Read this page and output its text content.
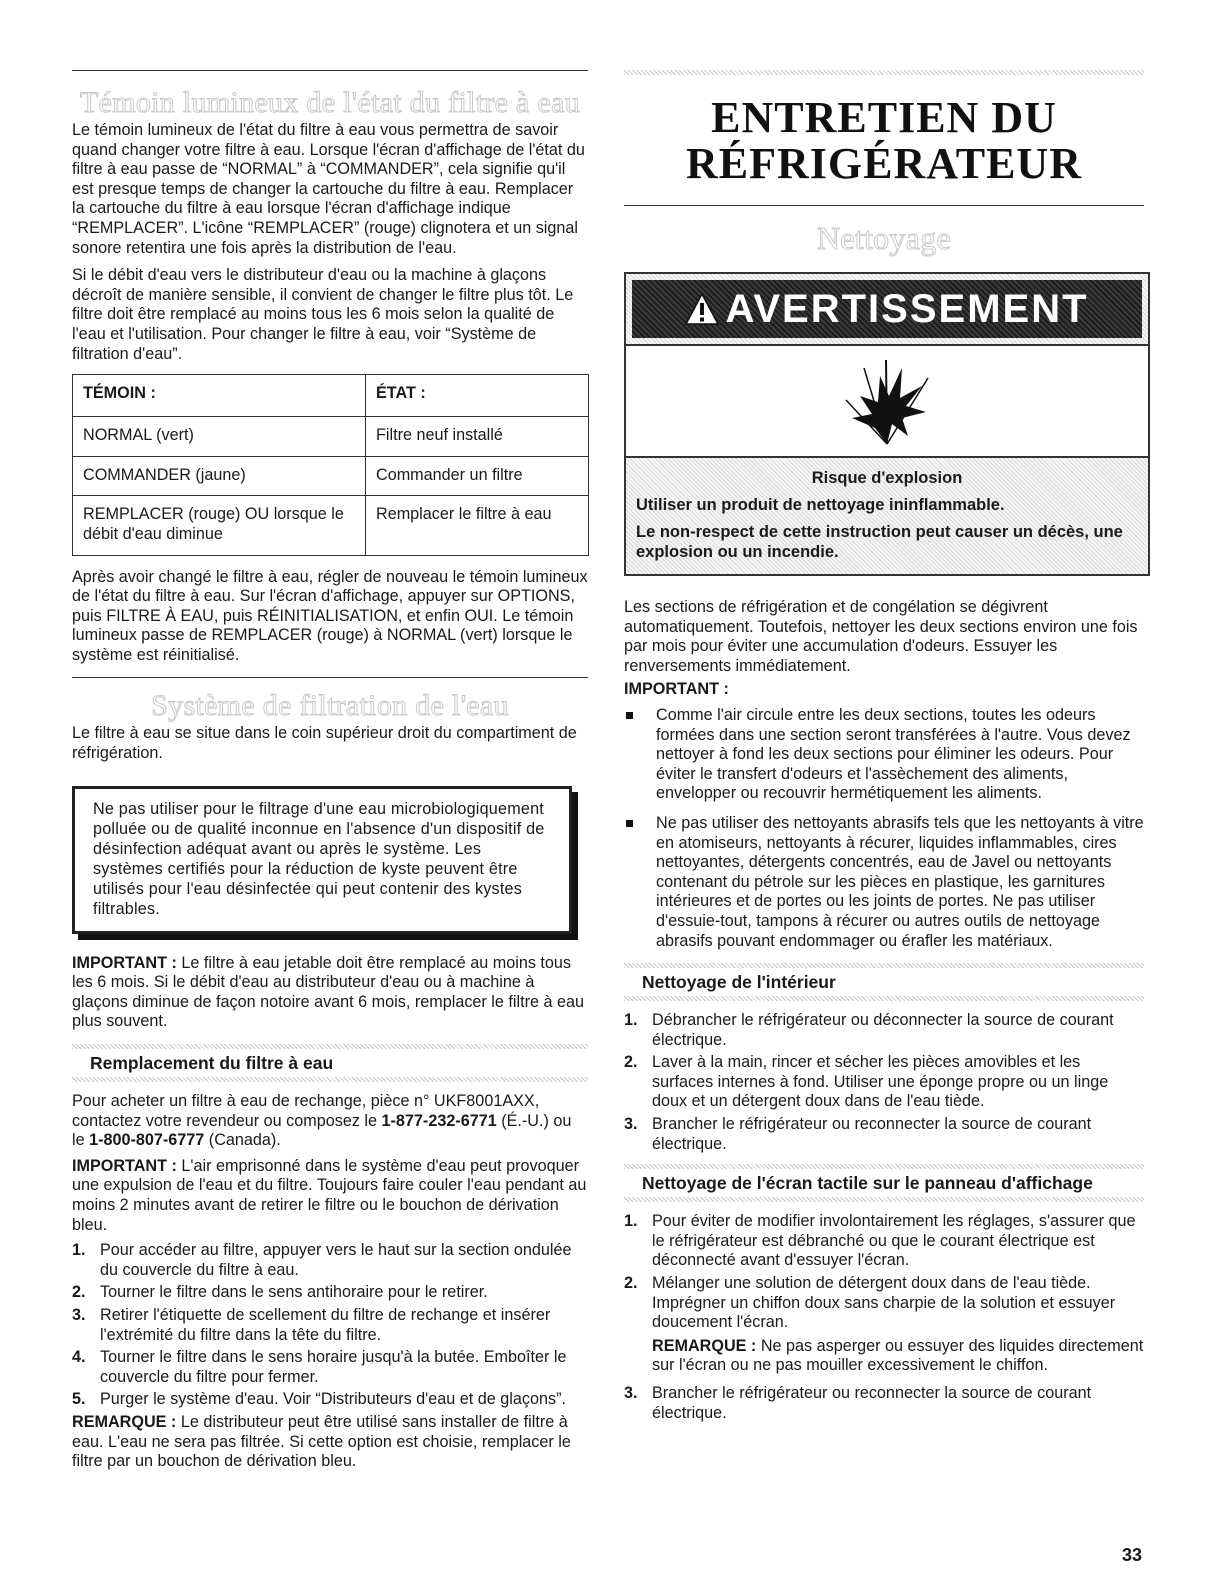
Témoin lumineux de l'état du filtre à eau

Le témoin lumineux de l'état du filtre à eau vous permettra de savoir quand changer votre filtre à eau. Lorsque l'écran d'affichage de l'état du filtre à eau passe de “NORMAL” à “COMMANDER”, cela signifie qu'il est presque temps de changer la cartouche du filtre à eau. Remplacer la cartouche du filtre à eau lorsque l'écran d'affichage indique “REMPLACER”. L'icône “REMPLACER” (rouge) clignotera et un signal sonore retentira une fois après la distribution de l'eau.

Si le débit d'eau vers le distributeur d'eau ou la machine à glaçons décroît de manière sensible, il convient de changer le filtre plus tôt. Le filtre doit être remplacé au moins tous les 6 mois selon la qualité de l'eau et l'utilisation. Pour changer le filtre à eau, voir “Système de filtration d'eau”.

TÉMOIN :	ÉTAT :
NORMAL (vert)	Filtre neuf installé
COMMANDER (jaune)	Commander un filtre
REMPLACER (rouge) OU lorsque le débit d'eau diminue	Remplacer le filtre à eau

Après avoir changé le filtre à eau, régler de nouveau le témoin lumineux de l'état du filtre à eau. Sur l'écran d'affichage, appuyer sur OPTIONS, puis FILTRE À EAU, puis RÉINITIALISATION, et enfin OUI. Le témoin lumineux passe de REMPLACER (rouge) à NORMAL (vert) lorsque le système est réinitialisé.

Système de filtration de l'eau

Le filtre à eau se situe dans le coin supérieur droit du compartiment de réfrigération.

Ne pas utiliser pour le filtrage d'une eau microbiologiquement polluée ou de qualité inconnue en l'absence d'un dispositif de désinfection adéquat avant ou après le système. Les systèmes certifiés pour la réduction de kyste peuvent être utilisés pour l'eau désinfectée qui peut contenir des kystes filtrables.

IMPORTANT : Le filtre à eau jetable doit être remplacé au moins tous les 6 mois. Si le débit d'eau au distributeur d'eau ou à machine à glaçons diminue de façon notoire avant 6 mois, remplacer le filtre à eau plus souvent.

Remplacement du filtre à eau

Pour acheter un filtre à eau de rechange, pièce n° UKF8001AXX, contactez votre revendeur ou composez le 1-877-232-6771 (É.-U.) ou le 1-800-807-6777 (Canada).

IMPORTANT : L'air emprisonné dans le système d'eau peut provoquer une expulsion de l'eau et du filtre. Toujours faire couler l'eau pendant au moins 2 minutes avant de retirer le filtre ou le bouchon de dérivation bleu.

1. Pour accéder au filtre, appuyer vers le haut sur la section ondulée du couvercle du filtre à eau.
2. Tourner le filtre dans le sens antihoraire pour le retirer.
3. Retirer l'étiquette de scellement du filtre de rechange et insérer l'extrémité du filtre dans la tête du filtre.
4. Tourner le filtre dans le sens horaire jusqu'à la butée. Emboîter le couvercle du filtre pour fermer.
5. Purger le système d'eau. Voir “Distributeurs d'eau et de glaçons”.

REMARQUE : Le distributeur peut être utilisé sans installer de filtre à eau. L'eau ne sera pas filtrée. Si cette option est choisie, remplacer le filtre par un bouchon de dérivation bleu.

ENTRETIEN DU
RÉFRIGÉRATEUR
Nettoyage
AVERTISSEMENT

Risque d'explosion

Utiliser un produit de nettoyage ininflammable.

Le non-respect de cette instruction peut causer un décès, une explosion ou un incendie.

Les sections de réfrigération et de congélation se dégivrent automatiquement. Toutefois, nettoyer les deux sections environ une fois par mois pour éviter une accumulation d'odeurs. Essuyer les renversements immédiatement.

IMPORTANT :

Comme l'air circule entre les deux sections, toutes les odeurs formées dans une section seront transférées à l'autre. Vous devez nettoyer à fond les deux sections pour éliminer les odeurs. Pour éviter le transfert d'odeurs et l'assèchement des aliments, envelopper ou recouvrir hermétiquement les aliments.
Ne pas utiliser des nettoyants abrasifs tels que les nettoyants à vitre en atomiseurs, nettoyants à récurer, liquides inflammables, cires nettoyantes, détergents concentrés, eau de Javel ou nettoyants contenant du pétrole sur les pièces en plastique, les garnitures intérieures et de portes ou les joints de portes. Ne pas utiliser d'essuie-tout, tampons à récurer ou autres outils de nettoyage abrasifs pouvant endommager ou érafler les matériaux.
Nettoyage de l'intérieur
1. Débrancher le réfrigérateur ou déconnecter la source de courant électrique.
2. Laver à la main, rincer et sécher les pièces amovibles et les surfaces internes à fond. Utiliser une éponge propre ou un linge doux et un détergent doux dans de l'eau tiède.
3. Brancher le réfrigérateur ou reconnecter la source de courant électrique.
Nettoyage de l'écran tactile sur le panneau d'affichage
1. Pour éviter de modifier involontairement les réglages, s'assurer que le réfrigérateur est débranché ou que le courant électrique est déconnecté avant d'essuyer l'écran.
2. Mélanger une solution de détergent doux dans de l'eau tiède. Imprégner un chiffon doux sans charpie de la solution et essuyer doucement l'écran.

REMARQUE : Ne pas asperger ou essuyer des liquides directement sur l'écran ou ne pas mouiller excessivement le chiffon.

3. Brancher le réfrigérateur ou reconnecter la source de courant électrique.
33
